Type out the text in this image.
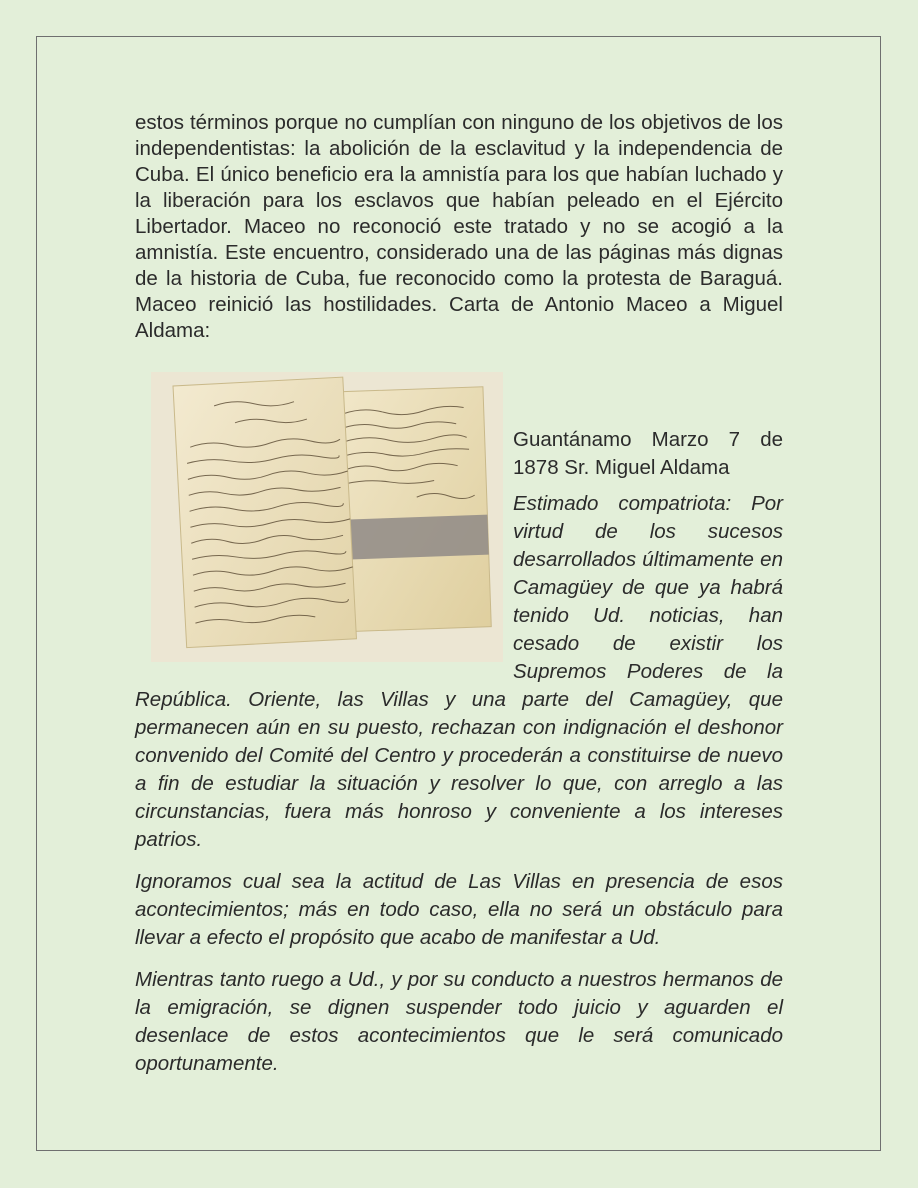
estos términos porque no cumplían con ninguno de los objetivos de los independentistas: la abolición de la esclavitud y la independencia de Cuba. El único beneficio era la amnistía para los que habían luchado y la liberación para los esclavos que habían peleado en el Ejército Libertador. Maceo no reconoció este tratado y no se acogió a la amnistía. Este encuentro, considerado una de las páginas más dignas de la historia de Cuba, fue reconocido como la protesta de Baraguá. Maceo reinició las hostilidades. Carta de Antonio Maceo a Miguel Aldama:

Guantánamo Marzo 7 de 1878 Sr. Miguel Aldama

Estimado compatriota: Por virtud de los sucesos desarrollados últimamente en Camagüey de que ya habrá tenido Ud. noticias, han cesado de existir los Supremos Poderes de la República. Oriente, las Villas y una parte del Camagüey, que permanecen aún en su puesto, rechazan con indignación el deshonor convenido del Comité del Centro y procederán a constituirse de nuevo a fin de estudiar la situación y resolver lo que, con arreglo a las circunstancias, fuera más honroso y conveniente a los intereses patrios.

Ignoramos cual sea la actitud de Las Villas en presencia de esos acontecimientos; más en todo caso, ella no será un obstáculo para llevar a efecto el propósito que acabo de manifestar a Ud.

Mientras tanto ruego a Ud., y por su conducto a nuestros hermanos de la emigración, se dignen suspender todo juicio y aguarden el desenlace de estos acontecimientos que le será comunicado oportunamente.
